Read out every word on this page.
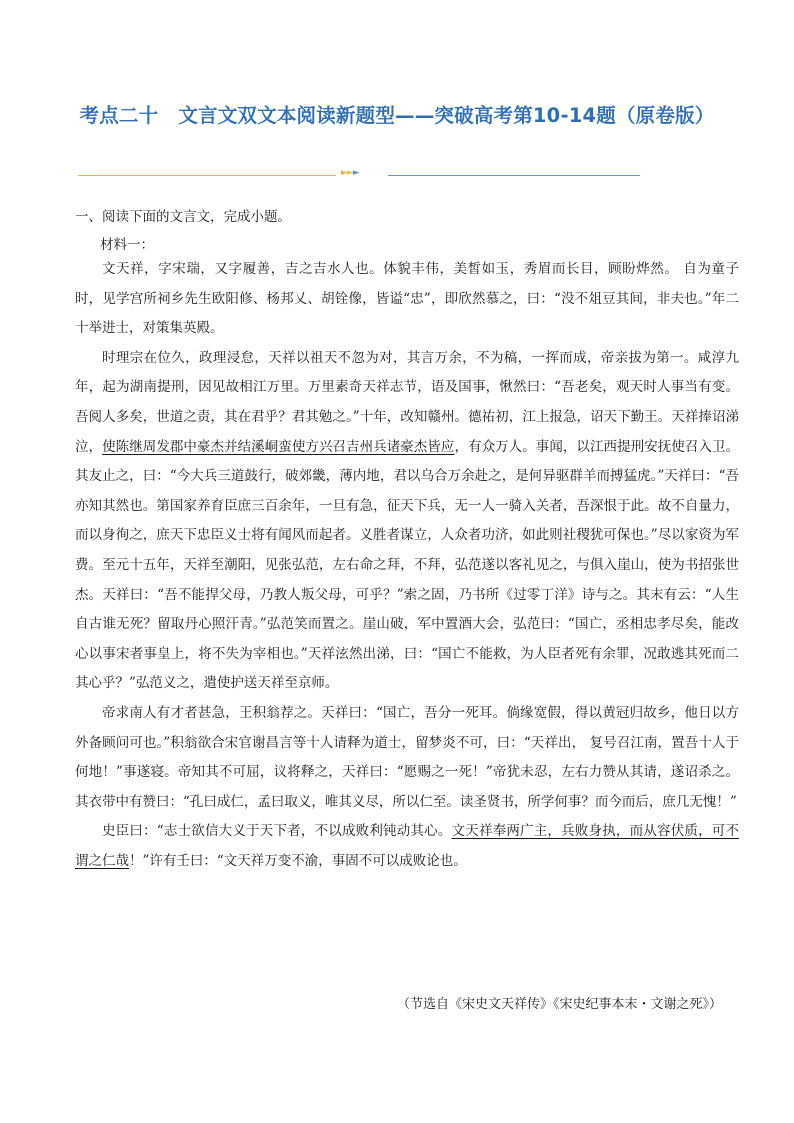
考点二十 文言文双文本阅读新题型——突破高考第10-14题（原卷版）
►►►
一、阅读下面的文言文，完成小题。
材料一：

文天祥，字宋瑞，又字履善，吉之吉水人也。体貌丰伟，美皙如玉，秀眉而长目，顾盼烨然。 自为童子时，见学宫所祠乡先生欧阳修、杨邦乂、胡铨像，皆谥“忠”，即欣然慕之，曰：“没不俎豆其间，非夫也。”年二十举进士，对策集英殿。

时理宗在位久，政理浸怠，天祥以祖天不忽为对，其言万余，不为稿，一挥而成，帝亲拔为第一。咸淳九年，起为湖南提刑，因见故相江万里。万里素奇天祥志节，语及国事，愀然曰：“吾老矣，观天时人事当有变。吾阅人多矣，世道之责，其在君乎？君其勉之。”十年，改知赣州。德祐初，江上报急，诏天下勤王。天祥捧诏涕泣，使陈继周发郡中豪杰并结溪峒蛮使方兴召吉州兵诸豪杰皆应，有众万人。事闻，以江西提刑安抚使召入卫。其友止之，曰：“今大兵三道鼓行，破郊畿，薄内地，君以乌合万余赴之，是何异驱群羊而搏猛虎。”天祥曰：“吾亦知其然也。第国家养育臣庶三百余年，一旦有急，征天下兵，无一人一骑入关者，吾深恨于此。故不自量力，而以身徇之，庶天下忠臣义士将有闻风而起者。义胜者谋立，人众者功济，如此则社稷犹可保也。”尽以家资为军费。至元十五年，天祥至潮阳，见张弘范，左右命之拜，不拜，弘范遂以客礼见之，与俱入崖山，使为书招张世杰。天祥曰：“吾不能捍父母，乃教人叛父母，可乎？”索之固，乃书所《过零丁洋》诗与之。其末有云：“人生自古谁无死？留取丹心照汗青。”弘范笑而置之。崖山破，军中置酒大会，弘范曰：“国亡，丞相忠孝尽矣，能改心以事宋者事皇上，将不失为宰相也。”天祥泫然出涕，曰：“国亡不能救，为人臣者死有余罪，况敢逃其死而二其心乎？”弘范义之，遣使护送天祥至京师。

帝求南人有才者甚急，王积翁荐之。天祥曰：“国亡，吾分一死耳。倘缘宽假，得以黄冠归故乡，他日以方外备顾问可也。”积翁欲合宋官谢昌言等十人请释为道士，留梦炎不可，曰：“天祥出， 复号召江南，置吾十人于何地！”事遂寝。帝知其不可屈，议将释之，天祥曰：“愿赐之一死！”帝犹未忍，左右力赞从其请，遂诏杀之。其衣带中有赞曰：“孔曰成仁，孟曰取义，唯其义尽，所以仁至。读圣贤书，所学何事？而今而后，庶几无愧！”

史臣曰：“志士欲信大义于天下者，不以成败利钝动其心。文天祥奉两广主，兵败身执，而从容伏质，可不谓之仁哉！”许有壬曰：“文天祥万变不渝，事固不可以成败论也。

（节选自《宋史文天祥传》《宋史纪事本末・文谢之死》）
